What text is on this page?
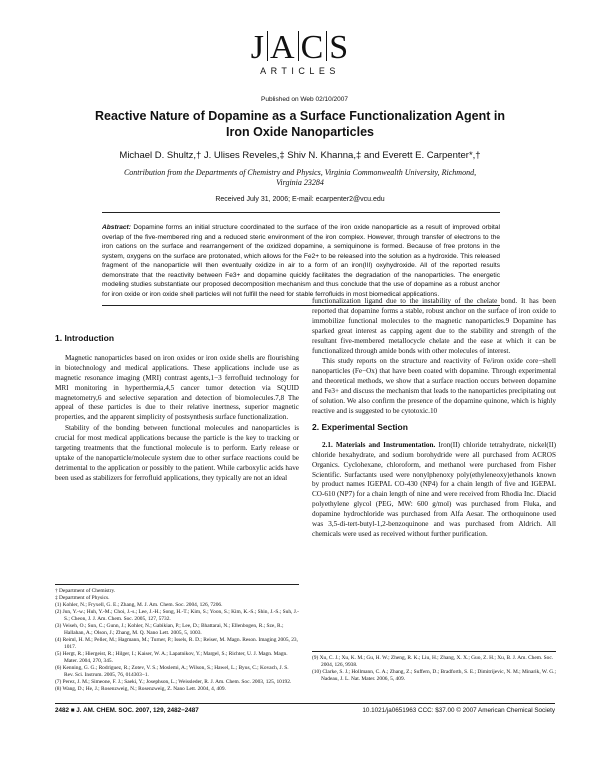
J A C S
ARTICLES
Published on Web 02/10/2007
Reactive Nature of Dopamine as a Surface Functionalization Agent in Iron Oxide Nanoparticles
Michael D. Shultz,† J. Ulises Reveles,‡ Shiv N. Khanna,‡ and Everett E. Carpenter*,†
Contribution from the Departments of Chemistry and Physics, Virginia Commonwealth University, Richmond, Virginia 23284
Received July 31, 2006; E-mail: ecarpenter2@vcu.edu
Abstract: Dopamine forms an initial structure coordinated to the surface of the iron oxide nanoparticle as a result of improved orbital overlap of the five-membered ring and a reduced steric environment of the iron complex. However, through transfer of electrons to the iron cations on the surface and rearrangement of the oxidized dopamine, a semiquinone is formed. Because of free protons in the system, oxygens on the surface are protonated, which allows for the Fe2+ to be released into the solution as a hydroxide. This released fragment of the nanoparticle will then eventually oxidize in air to a form of an iron(III) oxyhydroxide. All of the reported results demonstrate that the reactivity between Fe3+ and dopamine quickly facilitates the degradation of the nanoparticles. The energetic modeling studies substantiate our proposed decomposition mechanism and thus conclude that the use of dopamine as a robust anchor for iron oxide or iron oxide shell particles will not fulfill the need for stable ferrofluids in most biomedical applications.
1. Introduction

Magnetic nanoparticles based on iron oxides or iron oxide shells are flourishing in biotechnology and medical applications. These applications include use as magnetic resonance imaging (MRI) contrast agents,1−3 ferrofluid technology for MRI monitoring in hyperthermia,4,5 cancer tumor detection via SQUID magnetometry,6 and selective separation and detection of biomolecules.7,8 The appeal of these particles is due to their relative inertness, superior magnetic properties, and the apparent simplicity of postsynthesis surface functionalization.

Stability of the bonding between functional molecules and nanoparticles is crucial for most medical applications because the particle is the key to tracking or targeting treatments that the functional molecule is to perform. Early release or uptake of the nanoparticle/molecule system due to other surface reactions could be detrimental to the application or possibly to the patient. While carboxylic acids have been used as stabilizers for ferrofluid applications, they typically are not an ideal

functionalization ligand due to the instability of the chelate bond. It has been reported that dopamine forms a stable, robust anchor on the surface of iron oxide to immobilize functional molecules to the magnetic nanoparticles.9 Dopamine has sparked great interest as capping agent due to the stability and strength of the resultant five-membered metallocycle chelate and the ease at which it can be functionalized through amide bonds with other molecules of interest.

This study reports on the structure and reactivity of Fe/iron oxide core−shell nanoparticles (Fe−Ox) that have been coated with dopamine. Through experimental and theoretical methods, we show that a surface reaction occurs between dopamine and Fe3+ and discuss the mechanism that leads to the nanoparticles precipitating out of solution. We also confirm the presence of the dopamine quinone, which is highly reactive and is suggested to be cytotoxic.10

2. Experimental Section

2.1. Materials and Instrumentation. Iron(II) chloride tetrahydrate, nickel(II) chloride hexahydrate, and sodium borohydride were all purchased from ACROS Organics. Cyclohexane, chloroform, and methanol were purchased from Fisher Scientific. Surfactants used were nonylphenoxy poly(ethyleneoxy)ethanols known by product names IGEPAL CO-430 (NP4) for a chain length of five and IGEPAL CO-610 (NP7) for a chain length of nine and were received from Rhodia Inc. Diacid polyethylene glycol (PEG, MW: 600 g/mol) was purchased from Fluka, and dopamine hydrochloride was purchased from Alfa Aesar. The orthoquinone used was 3,5-di-tert-butyl-1,2-benzoquinone and was purchased from Aldrich. All chemicals were used as received without further purification.

† Department of Chemistry.
‡ Department of Physics.
(1) Kohler, N.; Fryxell, G. E.; Zhang, M. J. Am. Chem. Soc. 2004, 126, 7206.
(2) Jun, Y.-w.; Huh, Y.-M.; Choi, J.-s.; Lee, J.-H.; Song, H.-T.; Kim, S.; Yoon, S.; Kim, K.-S.; Shin, J.-S.; Suh, J.-S.; Cheon, J. J. Am. Chem. Soc. 2005, 127, 5732.
(3) Veiseh, O.; Sun, C.; Gunn, J.; Kohler, N.; Gabikian, P.; Lee, D.; Bhattarai, N.; Ellenbogen, R.; Sze, R.; Hallahan, A.; Olson, J.; Zhang, M. Q. Nano Lett. 2005, 5, 1003.
(4) Reiml, H. M.; Peller, M.; Hagmann, M.; Turner, P.; Issels, R. D.; Reiser, M. Magn. Reson. Imaging 2005, 23, 1017.
(5) Hergt, R.; Hiergeist, R.; Hilger, I.; Kaiser, W. A.; Lapatnikov, Y.; Margel, S.; Richter, U. J. Magn. Magn. Mater. 2004, 270, 345.
(6) Kenning, G. G.; Rodriguez, R.; Zotev, V. S.; Moslemi, A.; Wilson, S.; Hawel, L.; Byus, C.; Kovach, J. S. Rev. Sci. Instrum. 2005, 76, 014303−1.
(7) Perez, J. M.; Simeone, F. J.; Saeki, Y.; Josephson, L.; Weissleder, R. J. Am. Chem. Soc. 2003, 125, 10192.
(8) Wang, D.; He, J.; Rosenzweig, N.; Rosenzweig, Z. Nano Lett. 2004, 4, 409.
(9) Xu, C. J.; Xu, K. M.; Gu, H. W.; Zheng, R. K.; Liu, H.; Zhang, X. X.; Guo, Z. H.; Xu, B. J. Am. Chem. Soc. 2004, 126, 9938.
(10) Clarke, S. J.; Hollmann, C. A.; Zhang, Z.; Suffern, D.; Bradforth, S. E.; Dimitrijevic, N. M.; Minarik, W. G.; Nadeau, J. L. Nat. Mater. 2006, 5, 409.
2482 ■ J. AM. CHEM. SOC. 2007, 129, 2482−2487	10.1021/ja0651963 CCC: $37.00 © 2007 American Chemical Society
